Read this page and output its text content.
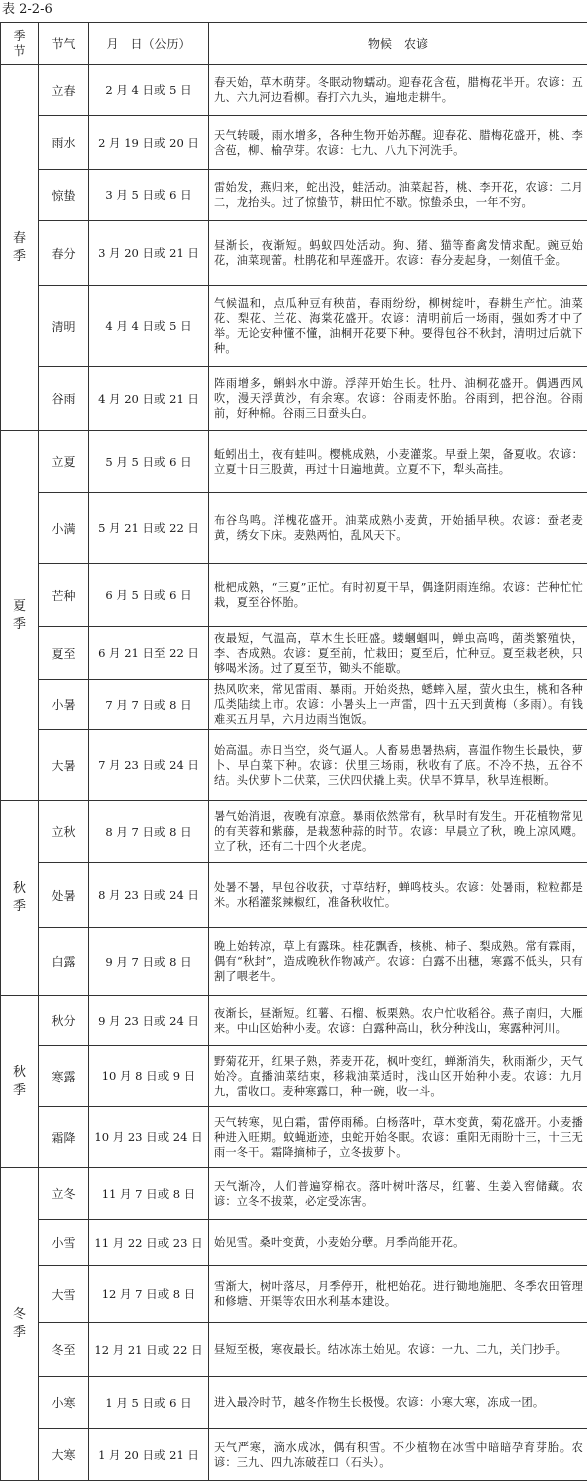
表 2-2-6
季节	节气	月　日（公历）	物候　农谚
春季	立春	2 月 4 日或 5 日	春天始，草木萌芽。冬眠动物蠕动。迎春花含苞，腊梅花半开。农谚：五九、六九河边看柳。春打六九头，遍地走耕牛。
	雨水	2 月 19 日或 20 日	天气转暖，雨水增多，各种生物开始苏醒。迎春花、腊梅花盛开，桃、李含苞，柳、榆孕芽。农谚：七九、八九下河洗手。
	惊蛰	3 月 5 日或 6 日	雷始发，燕归来，蛇出没，蛙活动。油菜起苔，桃、李开花，农谚：二月二，龙抬头。过了惊蛰节，耕田忙不歇。惊蛰杀虫，一年不穷。
	春分	3 月 20 日或 21 日	昼渐长，夜渐短。蚂蚁四处活动。狗、猪、猫等畜禽发情求配。豌豆始花，油菜现蕾。杜鹃花和早莲盛开。农谚：春分麦起身，一刻值千金。
	清明	4 月 4 日或 5 日	气候温和，点瓜种豆有秧苗，春雨纷纷，柳树绽叶，春耕生产忙。油菜花、梨花、兰花、海棠花盛开。农谚：清明前后一场雨，强如秀才中了举。无论安种懂不懂，油桐开花要下种。要得包谷不秋封，清明过后就下种。
	谷雨	4 月 20 日或 21 日	阵雨增多，蝌蚪水中游。浮萍开始生长。牡丹、油桐花盛开。偶遇西风吹，漫天浮黄沙，有余寒。农谚：谷雨麦怀胎。谷雨到，把谷泡。谷雨前，好种棉。谷雨三日蚕头白。
夏季	立夏	5 月 5 日或 6 日	蚯蚓出土，夜有蛙叫。樱桃成熟，小麦灌浆。早蚕上架，备夏收。农谚：立夏十日三股黄，再过十日遍地黄。立夏不下，犁头高挂。
	小满	5 月 21 日或 22 日	布谷鸟鸣。洋槐花盛开。油菜成熟小麦黄，开始插早秧。农谚：蚕老麦黄，绣女下床。麦熟两怕，乱风天下。
	芒种	6 月 5 日或 6 日	枇杷成熟，“三夏”正忙。有时初夏干旱，偶逢阴雨连绵。农谚：芒种忙忙栽，夏至谷怀胎。
	夏至	6 月 21 日至 22 日	夜最短，气温高，草木生长旺盛。蝼蟈蝈叫，蝉虫高鸣，菌类繁殖快，李、杏成熟。农谚：夏至前，忙栽田；夏至后，忙种豆。夏至栽老秧，只够喝米汤。过了夏至节，锄头不能歇。
	小暑	7 月 7 日或 8 日	热风吹来，常见雷雨、暴雨。开始炎热，蟋蟀入屋，萤火虫生，桃和各种瓜类陆续上市。农谚：小暑头上一声雷，四十五天到黄梅（多雨）。有钱难买五月旱，六月边雨当饱饭。
	大暑	7 月 23 日或 24 日	始高温。赤日当空，炎气逼人。人畜易患暑热病，喜温作物生长最快，萝卜、早白菜下种。农谚：伏里三场雨，秋收有了底。不冷不热，五谷不结。头伏萝卜二伏菜，三伏四伏撬上卖。伏旱不算旱，秋旱连根断。
秋季	立秋	8 月 7 日或 8 日	暑气始消退，夜晚有凉意。暴雨依然常有，秋旱时有发生。开花植物常见的有芙蓉和紫藤，是栽葱种蒜的时节。农谚：早晨立了秋，晚上凉风飕。立了秋，还有二十四个火老虎。
	处暑	8 月 23 日或 24 日	处暑不暑，早包谷收获，寸草结籽，蝉鸣枝头。农谚：处暑雨，粒粒都是米。水稻灌浆辣椒红，准备秋收忙。
	白露	9 月 7 日或 8 日	晚上始转凉，草上有露珠。桂花飘香，核桃、柿子、梨成熟。常有霖雨，偶有“秋封”，造成晚秋作物减产。农谚：白露不出穗，寒露不低头，只有割了喂老牛。
秋季	秋分	9 月 23 日或 24 日	夜渐长，昼渐短。红薯、石榴、板栗熟。农户忙收稻谷。燕子南归，大雁来。中山区始种小麦。农谚：白露种高山，秋分种浅山，寒露种河川。
	寒露	10 月 8 日或 9 日	野菊花开，红果子熟，荞麦开花，枫叶变红，蝉渐消失，秋雨渐少，天气始冷。直播油菜结束，移栽油菜适时，浅山区开始种小麦。农谚：九月九，雷收口。麦种寒露口，种一碗，收一斗。
	霜降	10 月 23 日或 24 日	天气转寒，见白霜，雷停雨稀。白杨落叶，草木变黄，菊花盛开。小麦播种进入旺期。蚊蝇逝迹，虫蛇开始冬眠。农谚：重阳无雨盼十三，十三无雨一冬干。霜降摘柿子，立冬拔萝卜。
冬季	立冬	11 月 7 日或 8 日	天气渐冷，人们普遍穿棉衣。落叶树叶落尽，红薯、生姜入窖储藏。农谚：立冬不拔菜，必定受冻害。
	小雪	11 月 22 日或 23 日	始见雪。桑叶变黄，小麦始分孽。月季尚能开花。
	大雪	12 月 7 日或 8 日	雪渐大，树叶落尽，月季停开，枇杷始花。进行锄地施肥、冬季农田管理和修塘、开渠等农田水利基本建设。
	冬至	12 月 21 日或 22 日	昼短至极，寒夜最长。结冰冻土始见。农谚：一九、二九，关门抄手。
	小寒	1 月 5 日或 6 日	进入最冷时节，越冬作物生长极慢。农谚：小寒大寒，冻成一团。
	大寒	1 月 20 日或 21 日	天气严寒，滴水成冰，偶有积雪。不少植物在冰雪中暗暗孕育芽胎。农谚：三九、四九冻破茬口（石头）。
